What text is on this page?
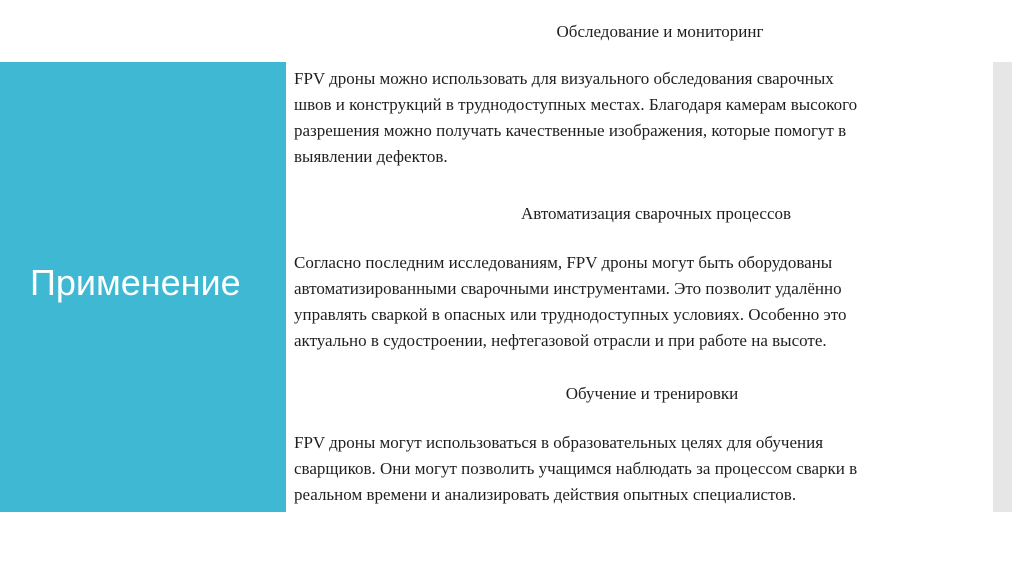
Применение
Обследование и мониторинг
FPV дроны можно использовать для визуального обследования сварочных
швов и конструкций в труднодоступных местах. Благодаря камерам высокого
разрешения можно получать качественные изображения, которые помогут в
выявлении дефектов.
Автоматизация сварочных процессов
Согласно последним исследованиям, FPV дроны могут быть оборудованы
автоматизированными сварочными инструментами. Это позволит удалённо
управлять сваркой в опасных или труднодоступных условиях. Особенно это
актуально в судостроении, нефтегазовой отрасли и при работе на высоте.
Обучение и тренировки
FPV дроны могут использоваться в образовательных целях для обучения
сварщиков. Они могут позволить учащимся наблюдать за процессом сварки в
реальном времени и анализировать действия опытных специалистов.
